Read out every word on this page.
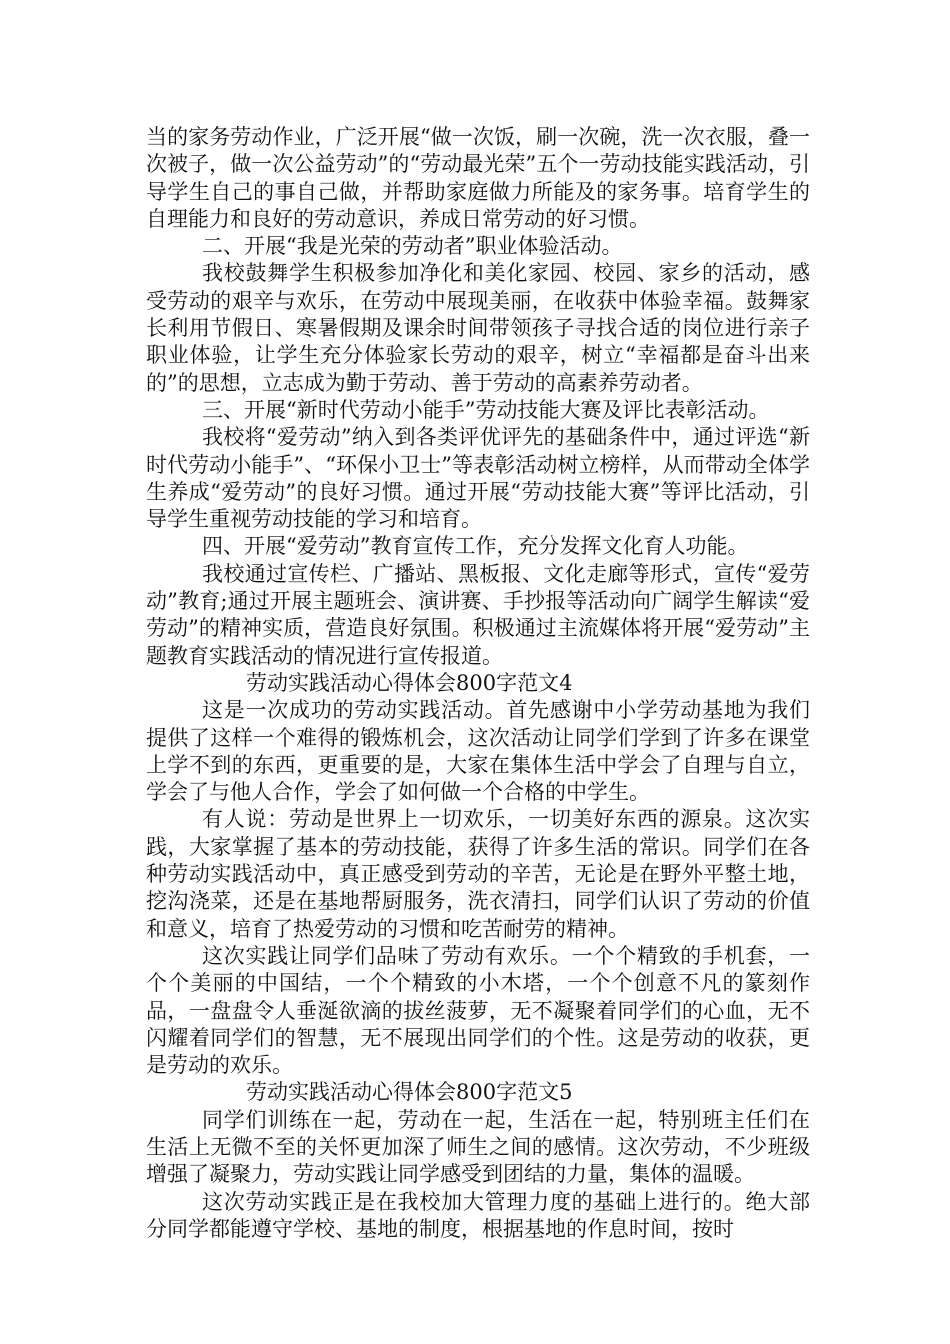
当的家务劳动作业，广泛开展“做一次饭，刷一次碗，洗一次衣服，叠一次被子，做一次公益劳动”的“劳动最光荣”五个一劳动技能实践活动，引导学生自己的事自己做，并帮助家庭做力所能及的家务事。培育学生的自理能力和良好的劳动意识，养成日常劳动的好习惯。

二、开展“我是光荣的劳动者”职业体验活动。

我校鼓舞学生积极参加净化和美化家园、校园、家乡的活动，感受劳动的艰辛与欢乐，在劳动中展现美丽，在收获中体验幸福。鼓舞家长利用节假日、寒暑假期及课余时间带领孩子寻找合适的岗位进行亲子职业体验，让学生充分体验家长劳动的艰辛，树立“幸福都是奋斗出来的”的思想，立志成为勤于劳动、善于劳动的高素养劳动者。

三、开展“新时代劳动小能手”劳动技能大赛及评比表彰活动。

我校将“爱劳动”纳入到各类评优评先的基础条件中，通过评选“新时代劳动小能手”、“环保小卫士”等表彰活动树立榜样，从而带动全体学生养成“爱劳动”的良好习惯。通过开展“劳动技能大赛”等评比活动，引导学生重视劳动技能的学习和培育。

四、开展“爱劳动”教育宣传工作，充分发挥文化育人功能。

我校通过宣传栏、广播站、黑板报、文化走廊等形式，宣传“爱劳动”教育;通过开展主题班会、演讲赛、手抄报等活动向广阔学生解读“爱劳动”的精神实质，营造良好氛围。积极通过主流媒体将开展“爱劳动”主题教育实践活动的情况进行宣传报道。

劳动实践活动心得体会800字范文4

这是一次成功的劳动实践活动。首先感谢中小学劳动基地为我们提供了这样一个难得的锻炼机会，这次活动让同学们学到了许多在课堂上学不到的东西，更重要的是，大家在集体生活中学会了自理与自立，学会了与他人合作，学会了如何做一个合格的中学生。

有人说：劳动是世界上一切欢乐，一切美好东西的源泉。这次实践，大家掌握了基本的劳动技能，获得了许多生活的常识。同学们在各种劳动实践活动中，真正感受到劳动的辛苦，无论是在野外平整土地，挖沟浇菜，还是在基地帮厨服务，洗衣清扫，同学们认识了劳动的价值和意义，培育了热爱劳动的习惯和吃苦耐劳的精神。

这次实践让同学们品味了劳动有欢乐。一个个精致的手机套，一个个美丽的中国结，一个个精致的小木塔，一个个创意不凡的篆刻作品，一盘盘令人垂涎欲滴的拔丝菠萝，无不凝聚着同学们的心血，无不闪耀着同学们的智慧，无不展现出同学们的个性。这是劳动的收获，更是劳动的欢乐。

劳动实践活动心得体会800字范文5

同学们训练在一起，劳动在一起，生活在一起，特别班主任们在生活上无微不至的关怀更加深了师生之间的感情。这次劳动，不少班级增强了凝聚力，劳动实践让同学感受到团结的力量，集体的温暖。

这次劳动实践正是在我校加大管理力度的基础上进行的。绝大部分同学都能遵守学校、基地的制度，根据基地的作息时间，按时
